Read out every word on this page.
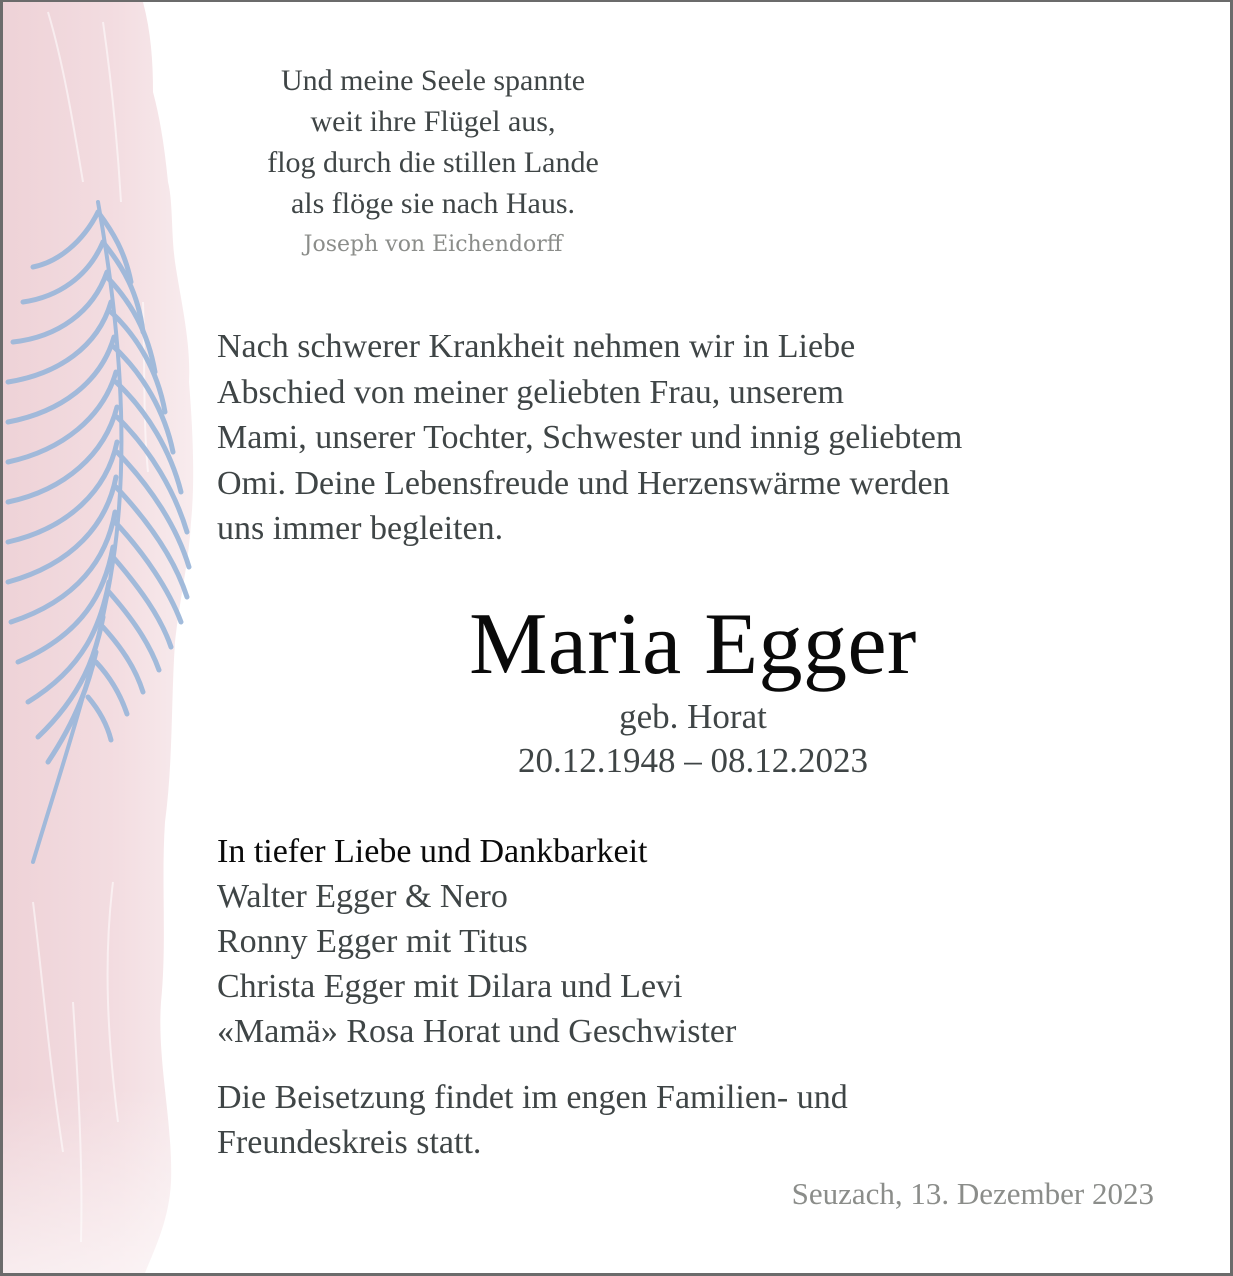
Und meine Seele spannte
weit ihre Flügel aus,
flog durch die stillen Lande
als flöge sie nach Haus.
Joseph von Eichendorff
Nach schwerer Krankheit nehmen wir in Liebe
Abschied von meiner geliebten Frau, unserem
Mami, unserer Tochter, Schwester und innig geliebtem
Omi. Deine Lebensfreude und Herzenswärme werden
uns immer begleiten.
Maria Egger
geb. Horat
20.12.1948 – 08.12.2023
In tiefer Liebe und Dankbarkeit
Walter Egger & Nero
Ronny Egger mit Titus
Christa Egger mit Dilara und Levi
«Mamä» Rosa Horat und Geschwister
Die Beisetzung findet im engen Familien- und
Freundeskreis statt.
Seuzach, 13. Dezember 2023
